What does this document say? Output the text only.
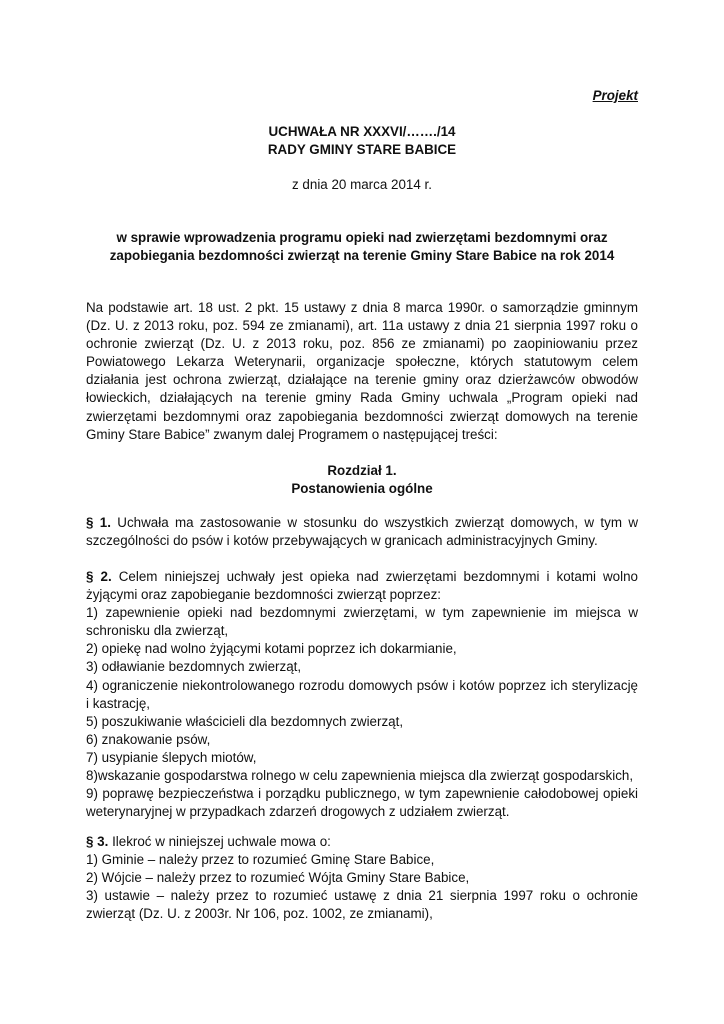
Projekt

UCHWAŁA NR XXXVI/……./14

RADY GMINY STARE BABICE

z dnia 20 marca 2014 r.

w sprawie wprowadzenia programu opieki nad zwierzętami bezdomnymi oraz
zapobiegania bezdomności zwierząt na terenie Gminy Stare Babice na rok 2014
Na podstawie art. 18 ust. 2 pkt. 15 ustawy z dnia 8 marca 1990r. o samorządzie gminnym
(Dz. U. z 2013 roku, poz. 594 ze zmianami), art. 11a ustawy z dnia 21 sierpnia 1997 roku o
ochronie zwierząt (Dz. U. z 2013 roku, poz. 856 ze zmianami) po zaopiniowaniu przez
Powiatowego Lekarza Weterynarii, organizacje społeczne, których statutowym celem
działania jest ochrona zwierząt, działające na terenie gminy oraz dzierżawców obwodów
łowieckich, działających na terenie gminy Rada Gminy uchwala „Program opieki nad
zwierzętami bezdomnymi oraz zapobiegania bezdomności zwierząt domowych na terenie
Gminy Stare Babice” zwanym dalej Programem o następującej treści:
Rozdział 1.
Postanowienia ogólne
§ 1. Uchwała ma zastosowanie w stosunku do wszystkich zwierząt domowych, w tym w
szczególności do psów i kotów przebywających w granicach administracyjnych Gminy.
§ 2. Celem niniejszej uchwały jest opieka nad zwierzętami bezdomnymi i kotami wolno
żyjącymi oraz zapobieganie bezdomności zwierząt poprzez:
1) zapewnienie opieki nad bezdomnymi zwierzętami, w tym zapewnienie im miejsca w
schronisku dla zwierząt,
2) opiekę nad wolno żyjącymi kotami poprzez ich dokarmianie,
3) odławianie bezdomnych zwierząt,
4) ograniczenie niekontrolowanego rozrodu domowych psów i kotów poprzez ich sterylizację
i kastrację,
5) poszukiwanie właścicieli dla bezdomnych zwierząt,
6) znakowanie psów,
7) usypianie ślepych miotów,
8)wskazanie gospodarstwa rolnego w celu zapewnienia miejsca dla zwierząt gospodarskich,
9) poprawę bezpieczeństwa i porządku publicznego, w tym zapewnienie całodobowej opieki
weterynaryjnej w przypadkach zdarzeń drogowych z udziałem zwierząt.
§ 3. Ilekroć w niniejszej uchwale mowa o:
1) Gminie – należy przez to rozumieć Gminę Stare Babice,
2) Wójcie – należy przez to rozumieć Wójta Gminy Stare Babice,
3) ustawie – należy przez to rozumieć ustawę z dnia 21 sierpnia 1997 roku o ochronie
zwierząt (Dz. U. z 2003r. Nr 106, poz. 1002, ze zmianami),
